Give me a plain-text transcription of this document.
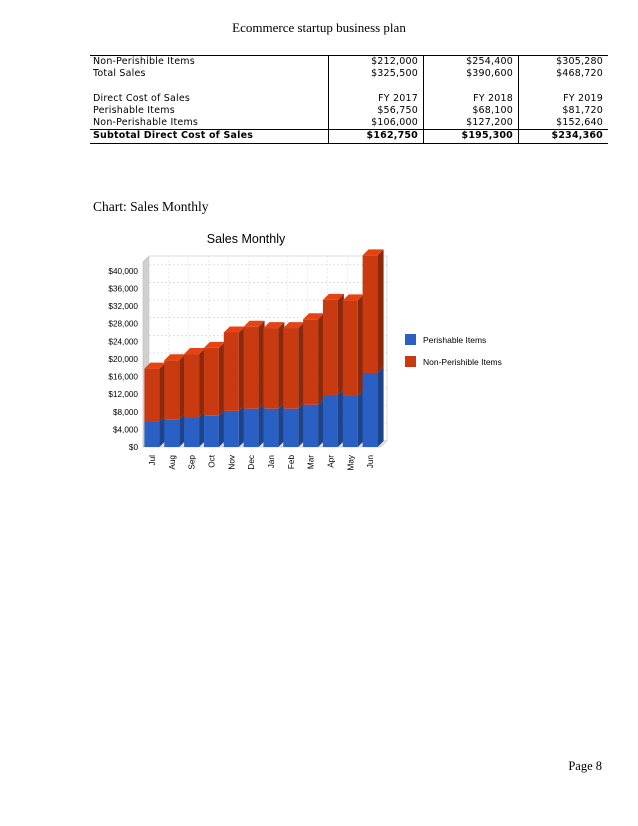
Ecommerce startup business plan
Non-Perishible Items	$212,000	$254,400	$305,280
Total Sales	$325,500	$390,600	$468,720

Direct Cost of Sales	FY 2017	FY 2018	FY 2019
Perishable Items	$56,750	$68,100	$81,720
Non-Perishable Items	$106,000	$127,200	$152,640
Subtotal Direct Cost of Sales	$162,750	$195,300	$234,360
Chart: Sales Monthly
Sales Monthly
$0
$4,000
$8,000
$12,000
$16,000
$20,000
$24,000
$28,000
$32,000
$36,000
$40,000
Jul Aug Sep Oct Nov Dec Jan Feb Mar Apr May Jun
Perishable Items
Non-Perishible Items
Page 8
